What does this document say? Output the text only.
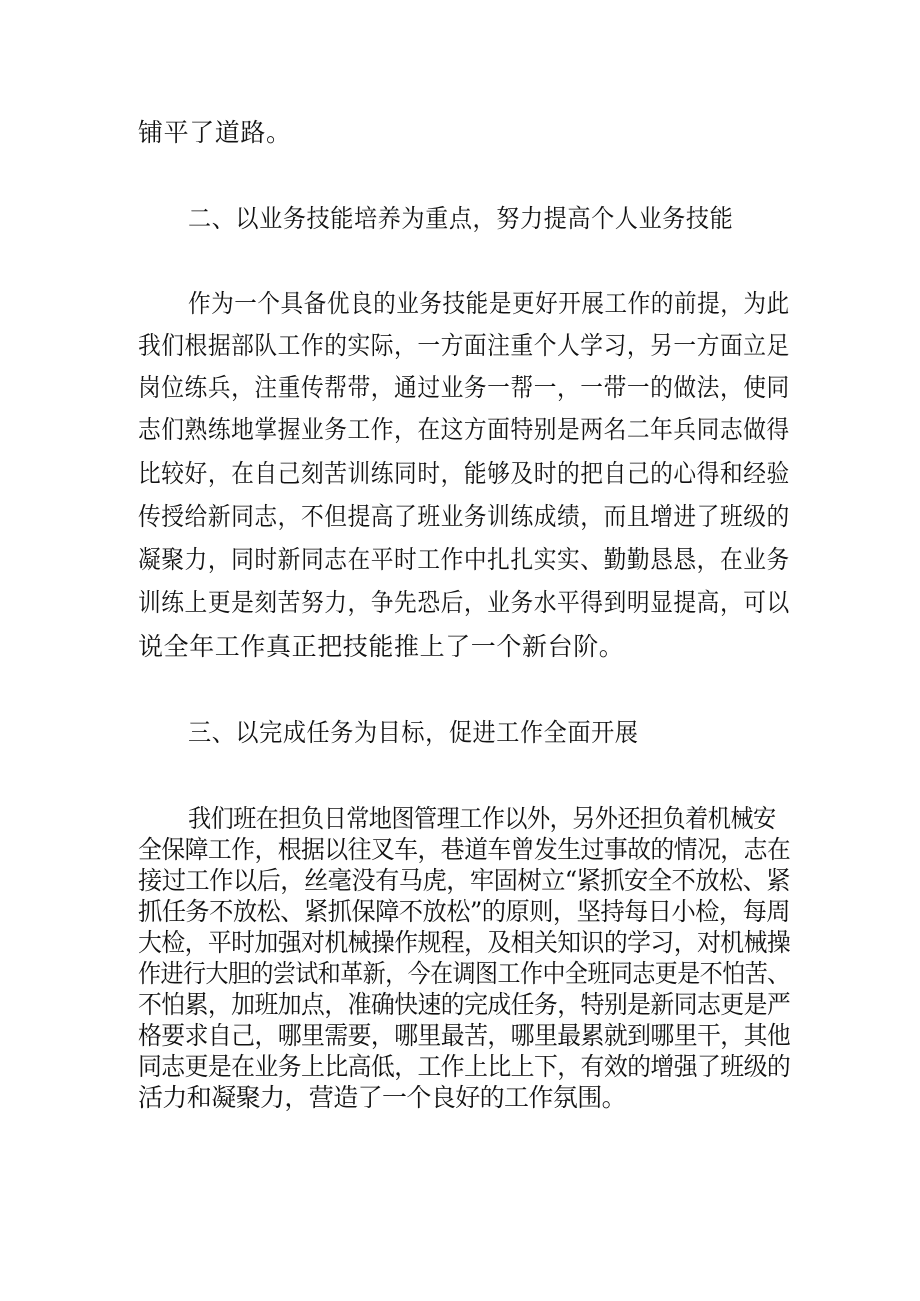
铺平了道路。
二、以业务技能培养为重点，努力提高个人业务技能
作为一个具备优良的业务技能是更好开展工作的前提，为此
我们根据部队工作的实际，一方面注重个人学习，另一方面立足
岗位练兵，注重传帮带，通过业务一帮一，一带一的做法，使同
志们熟练地掌握业务工作，在这方面特别是两名二年兵同志做得
比较好，在自己刻苦训练同时，能够及时的把自己的心得和经验
传授给新同志，不但提高了班业务训练成绩，而且增进了班级的
凝聚力，同时新同志在平时工作中扎扎实实、勤勤恳恳，在业务
训练上更是刻苦努力，争先恐后，业务水平得到明显提高，可以
说全年工作真正把技能推上了一个新台阶。
三、以完成任务为目标，促进工作全面开展
我们班在担负日常地图管理工作以外，另外还担负着机械安
全保障工作，根据以往叉车，巷道车曾发生过事故的情况，志在
接过工作以后，丝毫没有马虎，牢固树立“紧抓安全不放松、紧
抓任务不放松、紧抓保障不放松”的原则，坚持每日小检，每周
大检，平时加强对机械操作规程，及相关知识的学习，对机械操
作进行大胆的尝试和革新，今在调图工作中全班同志更是不怕苦、
不怕累，加班加点，准确快速的完成任务，特别是新同志更是严
格要求自己，哪里需要，哪里最苦，哪里最累就到哪里干，其他
同志更是在业务上比高低，工作上比上下，有效的增强了班级的
活力和凝聚力，营造了一个良好的工作氛围。
